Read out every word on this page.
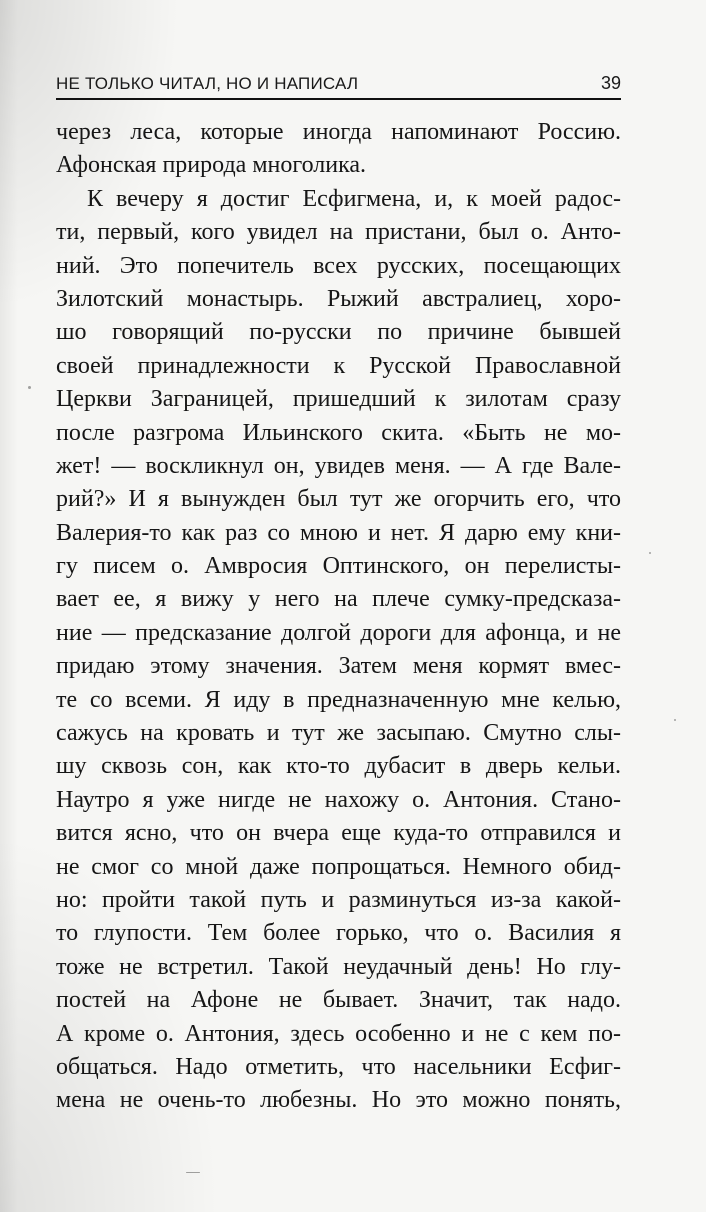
НЕ ТОЛЬКО ЧИТАЛ, НО И НАПИСАЛ	39
через леса, которые иногда напоминают Россию.
Афонская природа многолика.
К вечеру я достиг Есфигмена, и, к моей радос-
ти, первый, кого увидел на пристани, был о. Анто-
ний. Это попечитель всех русских, посещающих
Зилотский монастырь. Рыжий австралиец, хоро-
шо говорящий по-русски по причине бывшей
своей принадлежности к Русской Православной
Церкви Заграницей, пришедший к зилотам сразу
после разгрома Ильинского скита. «Быть не мо-
жет! — воскликнул он, увидев меня. — А где Вале-
рий?» И я вынужден был тут же огорчить его, что
Валерия-то как раз со мною и нет. Я дарю ему кни-
гу писем о. Амвросия Оптинского, он перелисты-
вает ее, я вижу у него на плече сумку-предсказа-
ние — предсказание долгой дороги для афонца, и не
придаю этому значения. Затем меня кормят вмес-
те со всеми. Я иду в предназначенную мне келью,
сажусь на кровать и тут же засыпаю. Смутно слы-
шу сквозь сон, как кто-то дубасит в дверь кельи.
Наутро я уже нигде не нахожу о. Антония. Стано-
вится ясно, что он вчера еще куда-то отправился и
не смог со мной даже попрощаться. Немного обид-
но: пройти такой путь и разминуться из-за какой-
то глупости. Тем более горько, что о. Василия я
тоже не встретил. Такой неудачный день! Но глу-
постей на Афоне не бывает. Значит, так надо.
А кроме о. Антония, здесь особенно и не с кем по-
общаться. Надо отметить, что насельники Есфиг-
мена не очень-то любезны. Но это можно понять,
